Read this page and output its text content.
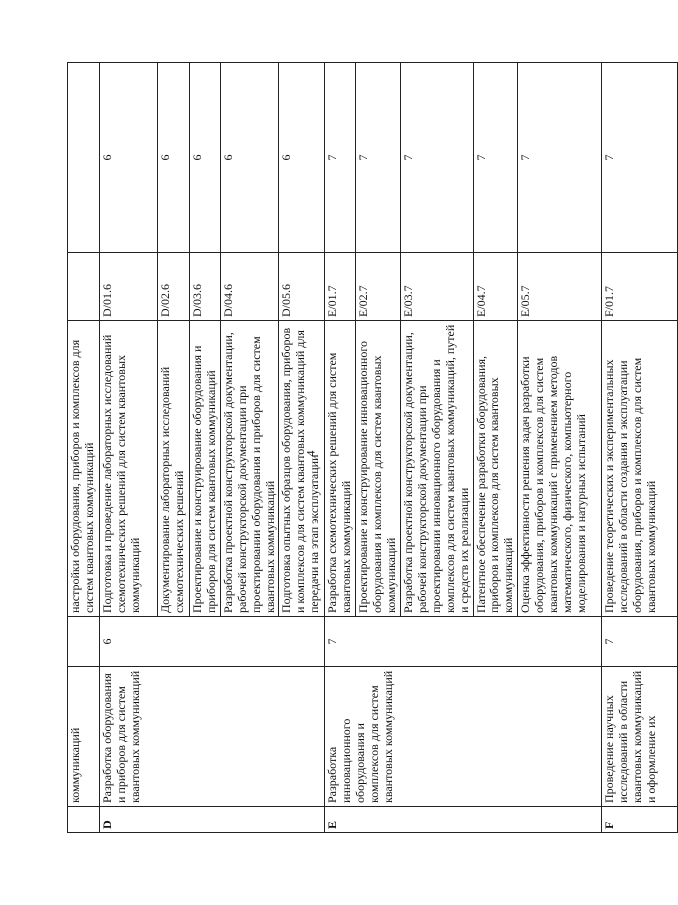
4
	коммуникаций		настройки оборудования, приборов и комплексов для систем квантовых коммуникаций		
D	Разработка оборудования и приборов для систем квантовых коммуникаций	6	Подготовка и проведение лабораторных исследований схемотехнических решений для систем квантовых коммуникаций	D/01.6	6
			Документирование лабораторных исследований схемотехнических решений	D/02.6	6
			Проектирование и конструирование оборудования и приборов для систем квантовых коммуникаций	D/03.6	6
			Разработка проектной конструкторской документации, рабочей конструкторской документации при проектировании оборудования и приборов для систем квантовых коммуникаций	D/04.6	6
			Подготовка опытных образцов оборудования, приборов и комплексов для систем квантовых коммуникаций для передачи на этап эксплуатации	D/05.6	6
E	Разработка инновационного оборудования и комплексов для систем квантовых коммуникаций	7	Разработка схемотехнических решений для систем квантовых коммуникаций	E/01.7	7
			Проектирование и конструирование инновационного оборудования и комплексов для систем квантовых коммуникаций	E/02.7	7
			Разработка проектной конструкторской документации, рабочей конструкторской документации при проектировании инновационного оборудования и комплексов для систем квантовых коммуникаций, путей и средств их реализации	E/03.7	7
			Патентное обеспечение разработки оборудования, приборов и комплексов для систем квантовых коммуникаций	E/04.7	7
			Оценка эффективности решения задач разработки оборудования, приборов и комплексов для систем квантовых коммуникаций с применением методов математического, физического, компьютерного моделирования и натурных испытаний	E/05.7	7
F	Проведение научных исследований в области квантовых коммуникаций и оформление их	7	Проведение теоретических и экспериментальных исследований в области создания и эксплуатации оборудования, приборов и комплексов для систем квантовых коммуникаций	F/01.7	7
